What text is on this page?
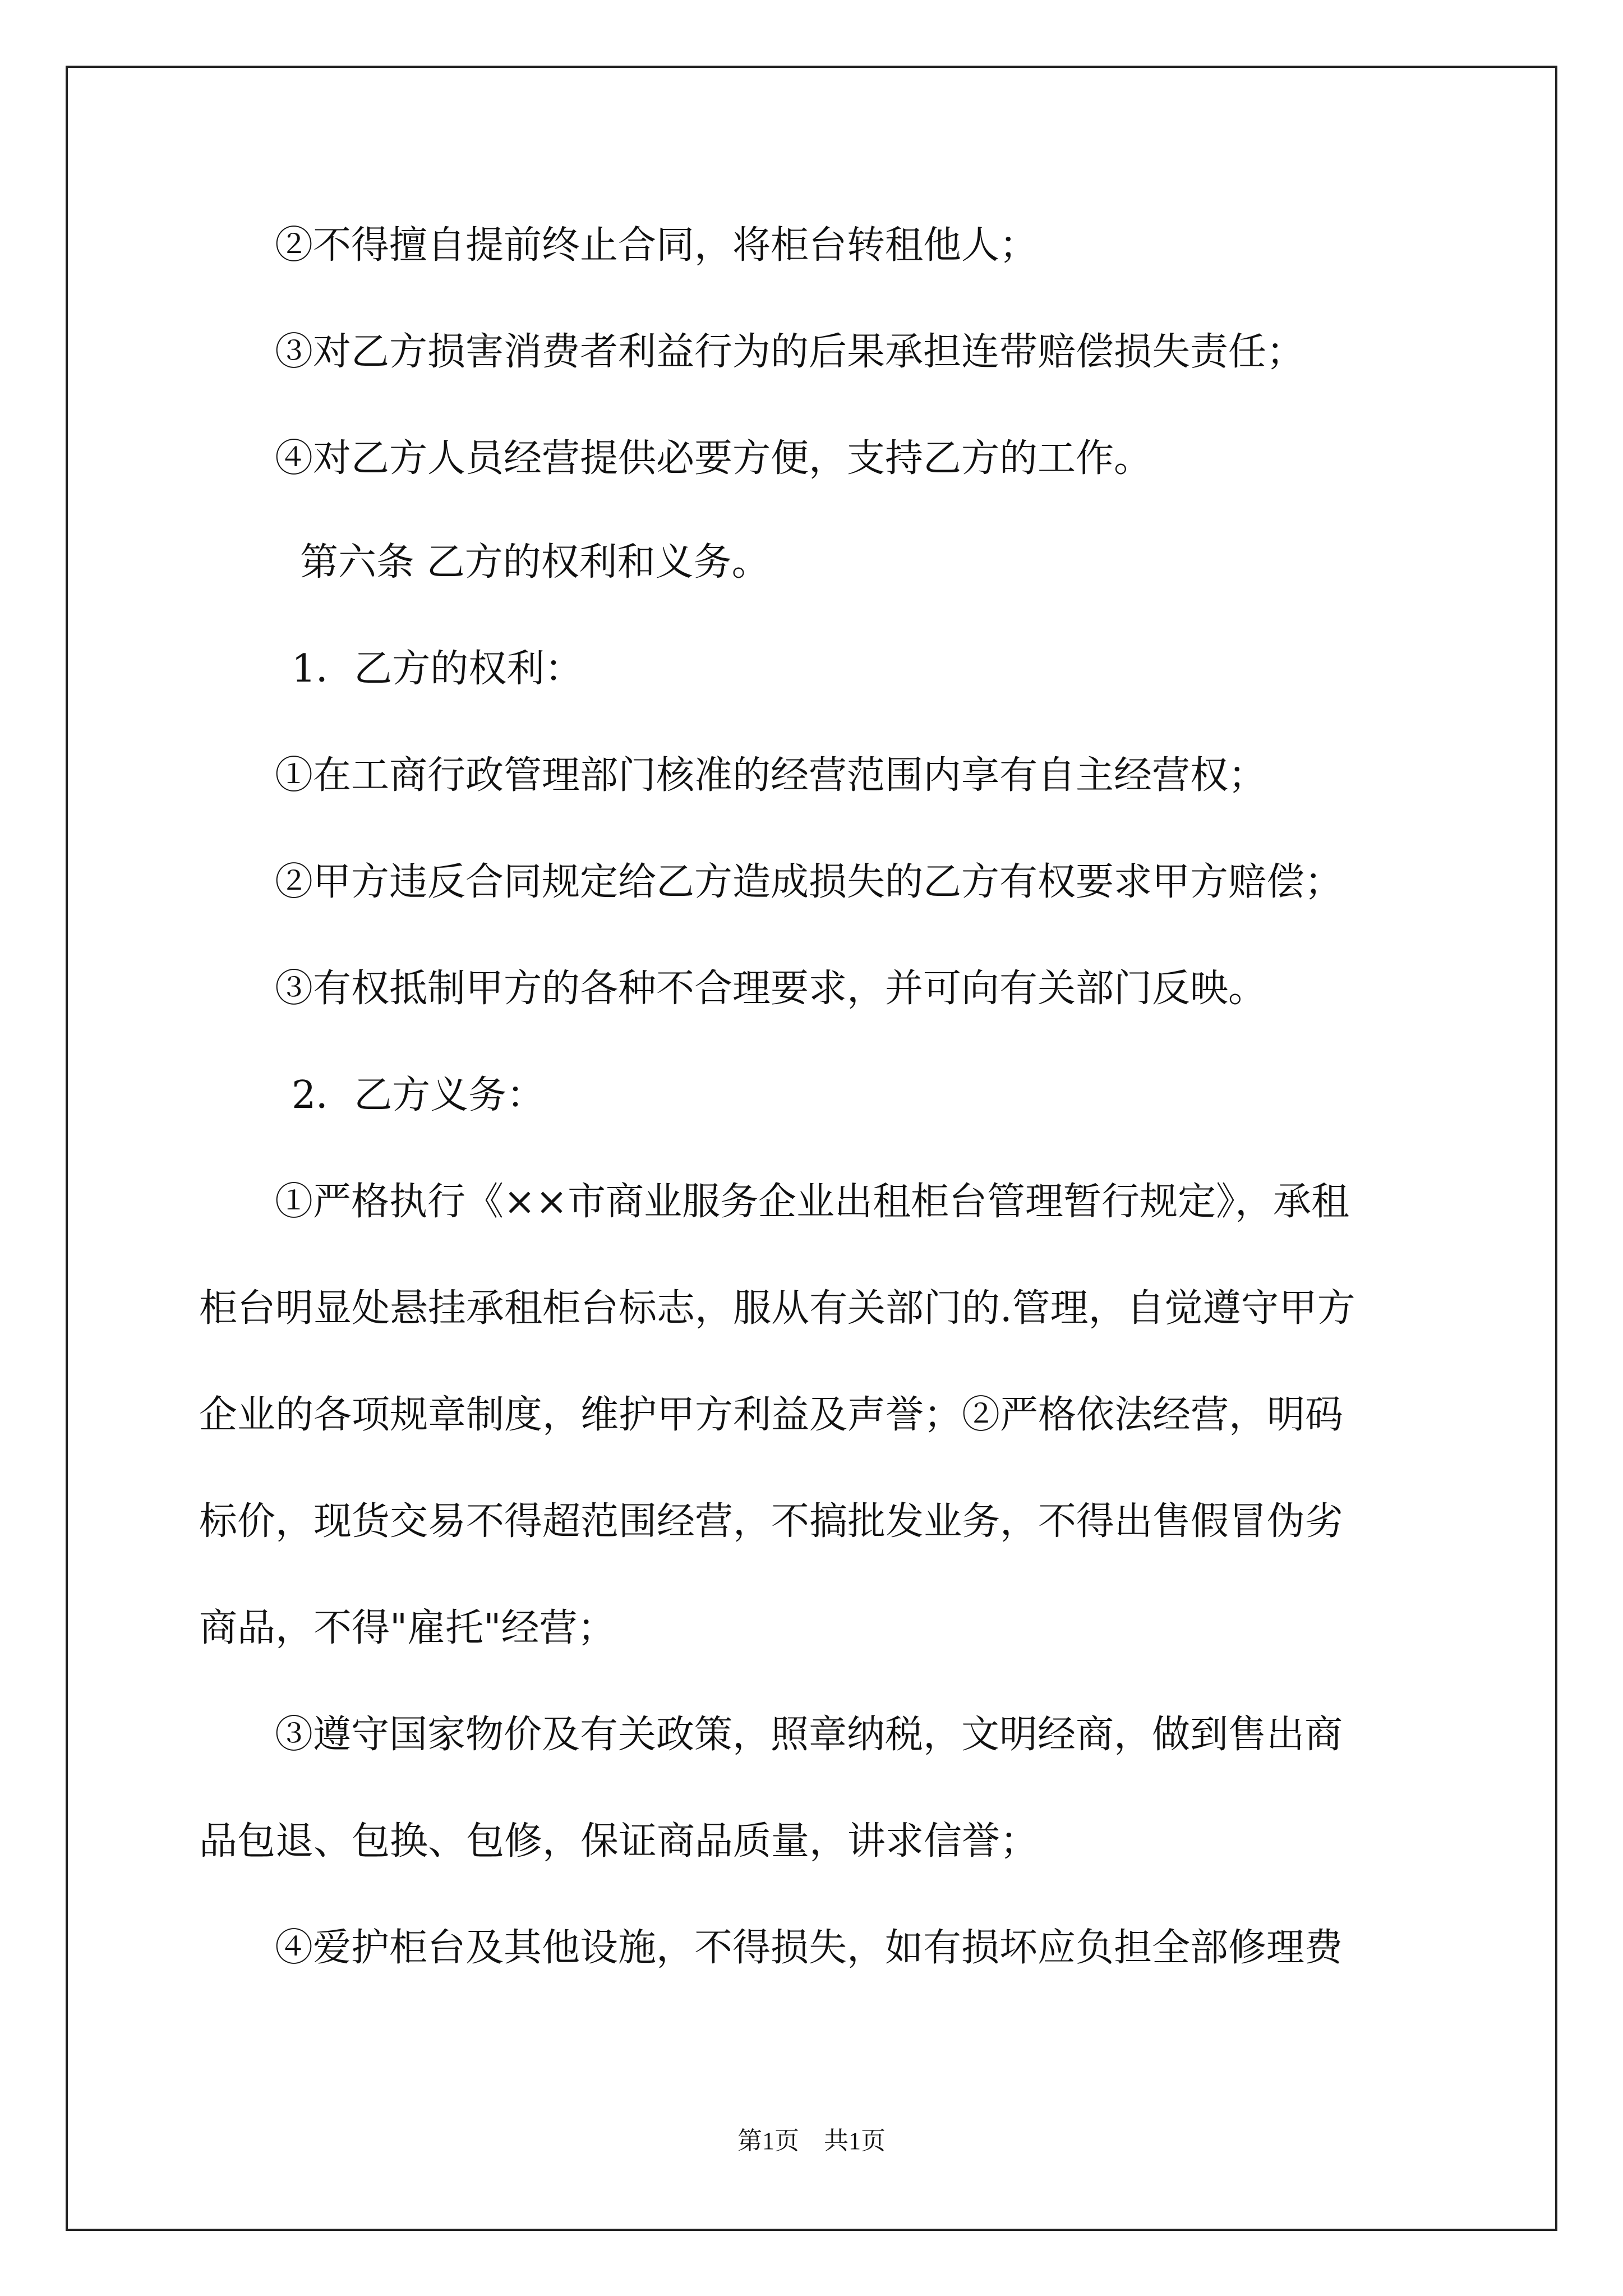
②不得擅自提前终止合同，将柜台转租他人；
③对乙方损害消费者利益行为的后果承担连带赔偿损失责任；
④对乙方人员经营提供必要方便，支持乙方的工作。
第六条 乙方的权利和义务。
1．乙方的权利：
①在工商行政管理部门核准的经营范围内享有自主经营权；
②甲方违反合同规定给乙方造成损失的乙方有权要求甲方赔偿；
③有权抵制甲方的各种不合理要求，并可向有关部门反映。
2．乙方义务：
①严格执行《××市商业服务企业出租柜台管理暂行规定》，承租
柜台明显处悬挂承租柜台标志，服从有关部门的.管理，自觉遵守甲方
企业的各项规章制度，维护甲方利益及声誉；②严格依法经营，明码
标价，现货交易不得超范围经营，不搞批发业务，不得出售假冒伪劣
商品，不得"雇托"经营；
③遵守国家物价及有关政策，照章纳税，文明经商，做到售出商
品包退、包换、包修，保证商品质量，讲求信誉；
④爱护柜台及其他设施，不得损失，如有损坏应负担全部修理费
第1页　共1页
